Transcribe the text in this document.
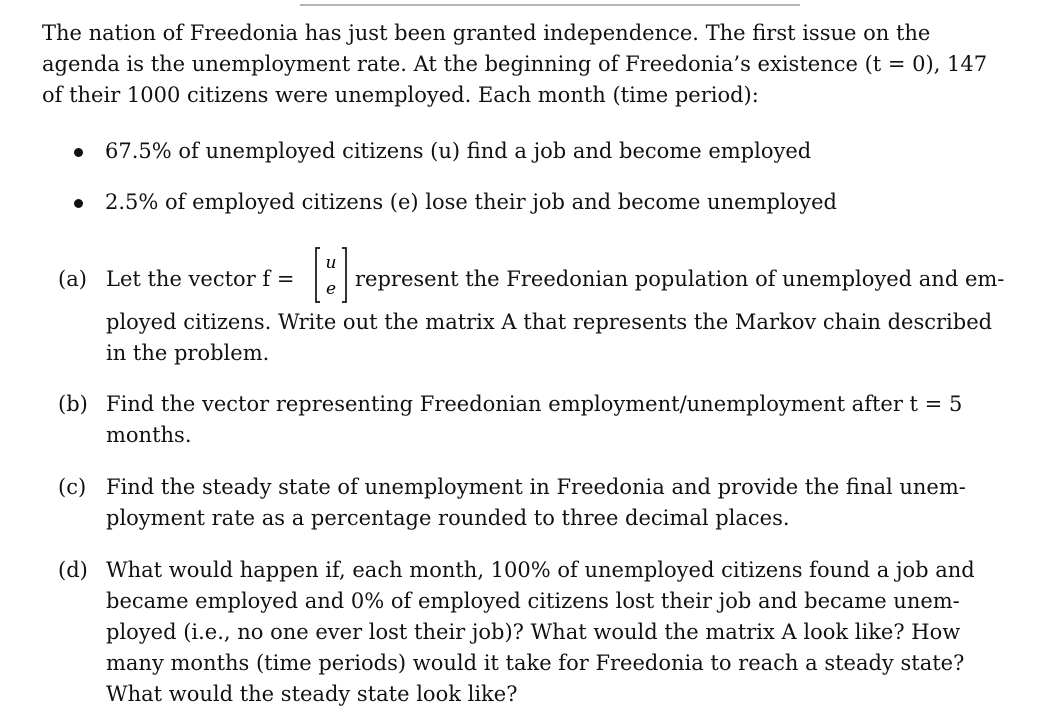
The nation of Freedonia has just been granted independence. The first issue on the
agenda is the unemployment rate. At the beginning of Freedonia’s existence (t = 0), 147
of their 1000 citizens were unemployed. Each month (time period):
67.5% of unemployed citizens (u) find a job and become employed
2.5% of employed citizens (e) lose their job and become unemployed
(a) Let the vector f =
u
e represent the Freedonian population of unemployed and em-
ployed citizens. Write out the matrix A that represents the Markov chain described
in the problem.
(b) Find the vector representing Freedonian employment/unemployment after t = 5
months.
(c) Find the steady state of unemployment in Freedonia and provide the final unem-
ployment rate as a percentage rounded to three decimal places.
(d) What would happen if, each month, 100% of unemployed citizens found a job and
became employed and 0% of employed citizens lost their job and became unem-
ployed (i.e., no one ever lost their job)? What would the matrix A look like? How
many months (time periods) would it take for Freedonia to reach a steady state?
What would the steady state look like?
